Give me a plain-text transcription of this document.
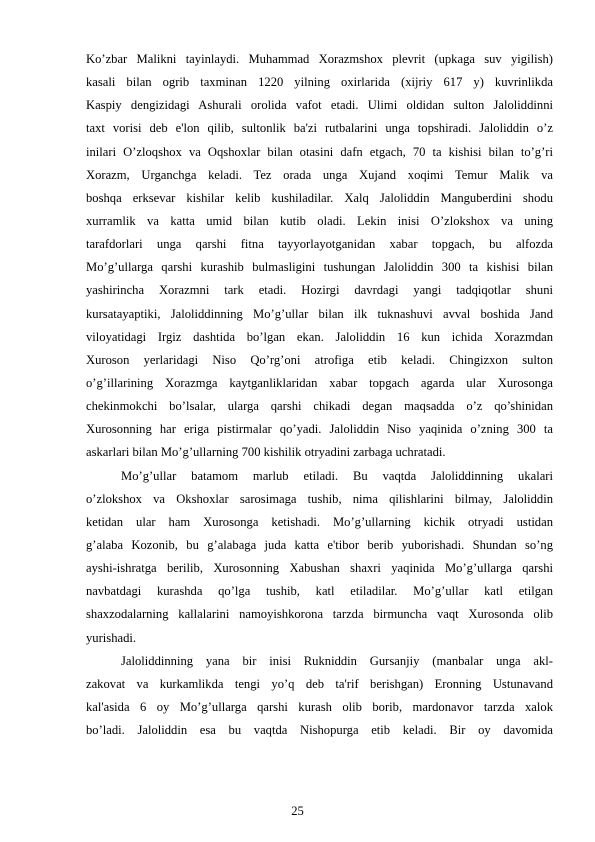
Ko’zbar Malikni tayinlaydi. Muhammad Xorazmshox plevrit (upkaga suv yigilish)
kasali bilan ogrib taxminan 1220 yilning oxirlarida (xijriy 617 y) kuvrinlikda
Kaspiy dengizidagi Ashurali orolida vafot etadi. Ulimi oldidan sulton Jaloliddinni
taxt vorisi deb e'lon qilib, sultonlik ba'zi rutbalarini unga topshiradi. Jaloliddin o’z
inilari O’zloqshox va Oqshoxlar bilan otasini dafn etgach, 70 ta kishisi bilan to’g’ri
Xorazm, Urganchga keladi. Tez orada unga Xujand xoqimi Temur Malik va
boshqa erksevar kishilar kelib kushiladilar. Xalq Jaloliddin Manguberdini shodu
xurramlik va katta umid bilan kutib oladi. Lekin inisi O’zlokshox va uning
tarafdorlari unga qarshi fitna tayyorlayotganidan xabar topgach, bu alfozda
Mo’g’ullarga qarshi kurashib bulmasligini tushungan Jaloliddin 300 ta kishisi bilan
yashirincha Xorazmni tark etadi. Hozirgi davrdagi yangi tadqiqotlar shuni
kursatayaptiki, Jaloliddinning Mo’g’ullar bilan ilk tuknashuvi avval boshida Jand
viloyatidagi Irgiz dashtida bo’lgan ekan. Jaloliddin 16 kun ichida Xorazmdan
Xuroson yerlaridagi Niso Qo’rg’oni atrofiga etib keladi. Chingizxon sulton
o’g’illarining Xorazmga kaytganliklaridan xabar topgach agarda ular Xurosonga
chekinmokchi bo’lsalar, ularga qarshi chikadi degan maqsadda o’z qo’shinidan
Xurosonning har eriga pistirmalar qo’yadi. Jaloliddin Niso yaqinida o’zning 300 ta
askarlari bilan Mo’g’ullarning 700 kishilik otryadini zarbaga uchratadi.
Mo’g’ullar batamom marlub etiladi. Bu vaqtda Jaloliddinning ukalari
o’zlokshox va Okshoxlar sarosimaga tushib, nima qilishlarini bilmay, Jaloliddin
ketidan ular ham Xurosonga ketishadi. Mo’g’ullarning kichik otryadi ustidan
g’alaba Kozonib, bu g’alabaga juda katta e'tibor berib yuborishadi. Shundan so’ng
ayshi-ishratga berilib, Xurosonning Xabushan shaxri yaqinida Mo’g’ullarga qarshi
navbatdagi kurashda qo’lga tushib, katl etiladilar. Mo’g’ullar katl etilgan
shaxzodalarning kallalarini namoyishkorona tarzda birmuncha vaqt Xurosonda olib
yurishadi.
Jaloliddinning yana bir inisi Rukniddin Gursanjiy (manbalar unga akl-
zakovat va kurkamlikda tengi yo’q deb ta'rif berishgan) Eronning Ustunavand
kal'asida 6 oy Mo’g’ullarga qarshi kurash olib borib, mardonavor tarzda xalok
bo’ladi. Jaloliddin esa bu vaqtda Nishopurga etib keladi. Bir oy davomida
25
